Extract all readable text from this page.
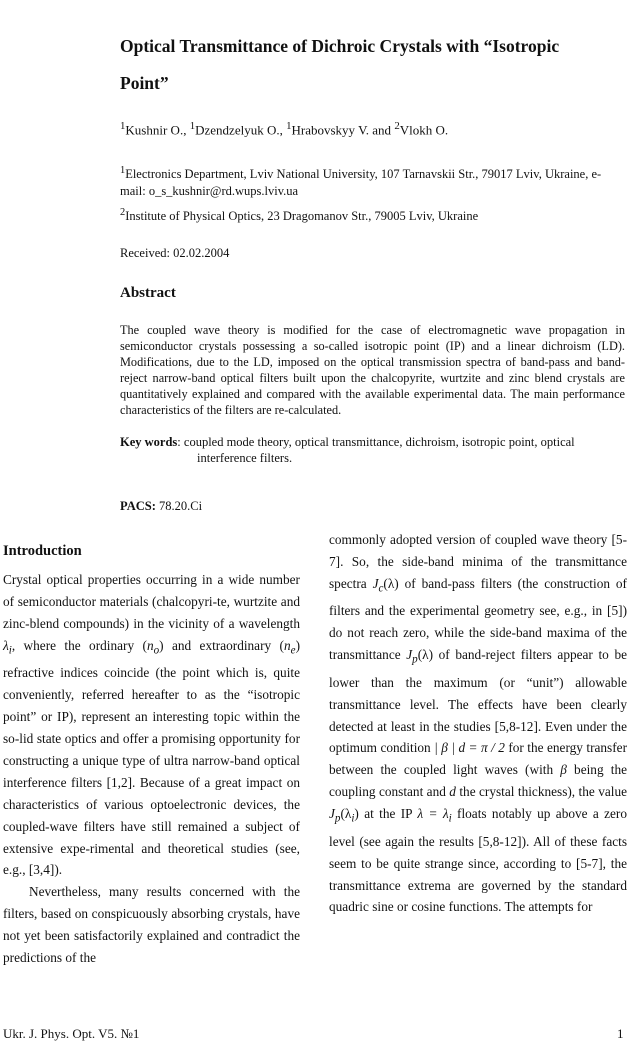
Optical Transmittance of Dichroic Crystals with “Isotropic Point”
$^1$Kushnir O., $^1$Dzendzelyuk O., $^1$Hrabovskyy V. and $^2$Vlokh O.
$^1$Electronics Department, Lviv National University, 107 Tarnavskii Str., 79017 Lviv, Ukraine, e-mail: o_s_kushnir@rd.wups.lviv.ua
$^2$Institute of Physical Optics, 23 Dragomanov Str., 79005 Lviv, Ukraine
Received: 02.02.2004
Abstract
The coupled wave theory is modified for the case of electromagnetic wave propagation in semiconductor crystals possessing a so-called isotropic point (IP) and a linear dichroism (LD). Modifications, due to the LD, imposed on the optical transmission spectra of band-pass and band-reject narrow-band optical filters built upon the chalcopyrite, wurtzite and zinc blend crystals are quantitatively explained and compared with the available experimental data. The main performance characteristics of the filters are re-calculated.
Key words: coupled mode theory, optical transmittance, dichroism, isotropic point, optical
interference filters.
PACS: 78.20.Ci
Introduction

Crystal optical properties occurring in a wide number of semiconductor materials (chalcopyri-te, wurtzite and zinc-blend compounds) in the vicinity of a wavelength $\lambda_i$, where the ordinary $(n_o)$ and extraordinary $(n_e)$ refractive indices coincide (the point which is, quite conveniently, referred hereafter to as the “isotropic point” or IP), represent an interesting topic within the so-lid state optics and offer a promising opportunity for constructing a unique type of ultra narrow-band optical interference filters [1,2]. Because of a great impact on characteristics of various optoelectronic devices, the coupled-wave filters have still remained a subject of extensive expe-rimental and theoretical studies (see, e.g., [3,4]).

Nevertheless, many results concerned with the filters, based on conspicuously absorbing crystals, have not yet been satisfactorily explained and contradict the predictions of the

commonly adopted version of coupled wave theory [5-7]. So, the side-band minima of the transmittance spectra $J_c(\lambda)$ of band-pass filters (the construction of filters and the experimental geometry see, e.g., in [5]) do not reach zero, while the side-band maxima of the transmittance $J_p(\lambda)$ of band-reject filters appear to be lower than the maximum (or “unit”) allowable transmittance level. The effects have been clearly detected at least in the studies [5,8-12]. Even under the optimum condition | β | d = π / 2 for the energy transfer between the coupled light waves (with β being the coupling constant and d the crystal thickness), the value $J_p(\lambda_i)$ at the IP $\lambda = \lambda_i$ floats notably up above a zero level (see again the results [5,8-12]). All of these facts seem to be quite strange since, according to [5-7], the transmittance extrema are governed by the standard quadric sine or cosine functions. The attempts for

Ukr. J. Phys. Opt. V5. №1	1
